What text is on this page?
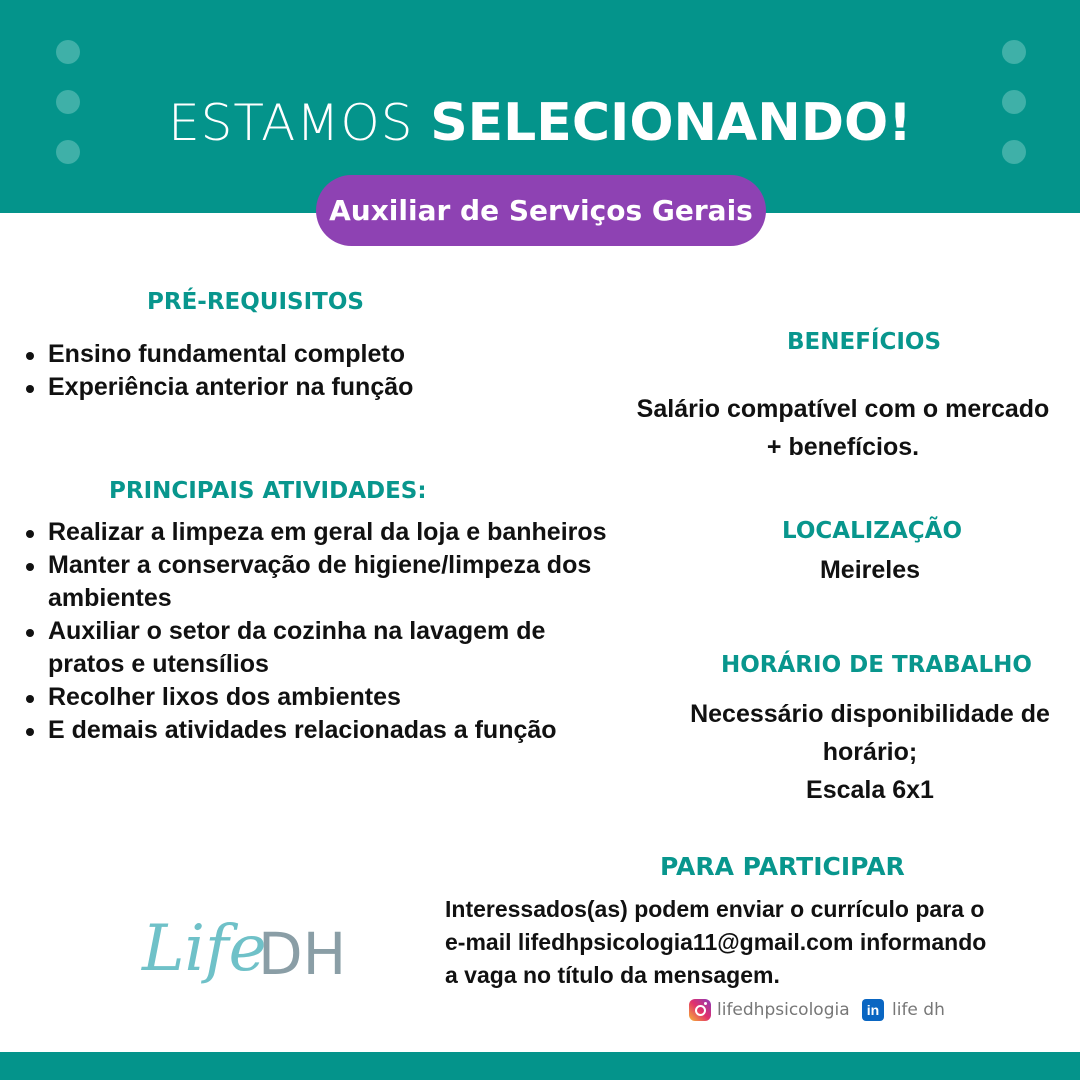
ESTAMOS SELECIONANDO!
Auxiliar de Serviços Gerais
PRÉ-REQUISITOS
Ensino fundamental completo
Experiência anterior na função
PRINCIPAIS ATIVIDADES:
Realizar a limpeza em geral da loja e banheiros
Manter a conservação de higiene/limpeza dos ambientes
Auxiliar o setor da cozinha na lavagem de pratos e utensílios
Recolher lixos dos ambientes
E demais atividades relacionadas a função
BENEFÍCIOS
Salário compatível com o mercado
+ benefícios.
LOCALIZAÇÃO
Meireles
HORÁRIO DE TRABALHO
Necessário disponibilidade de
horário;
Escala 6x1
PARA PARTICIPAR
Interessados(as) podem enviar o currículo para o
e-mail lifedhpsicologia11@gmail.com informando
a vaga no título da mensagem.
Life
DH
lifedhpsicologia	in life dh
